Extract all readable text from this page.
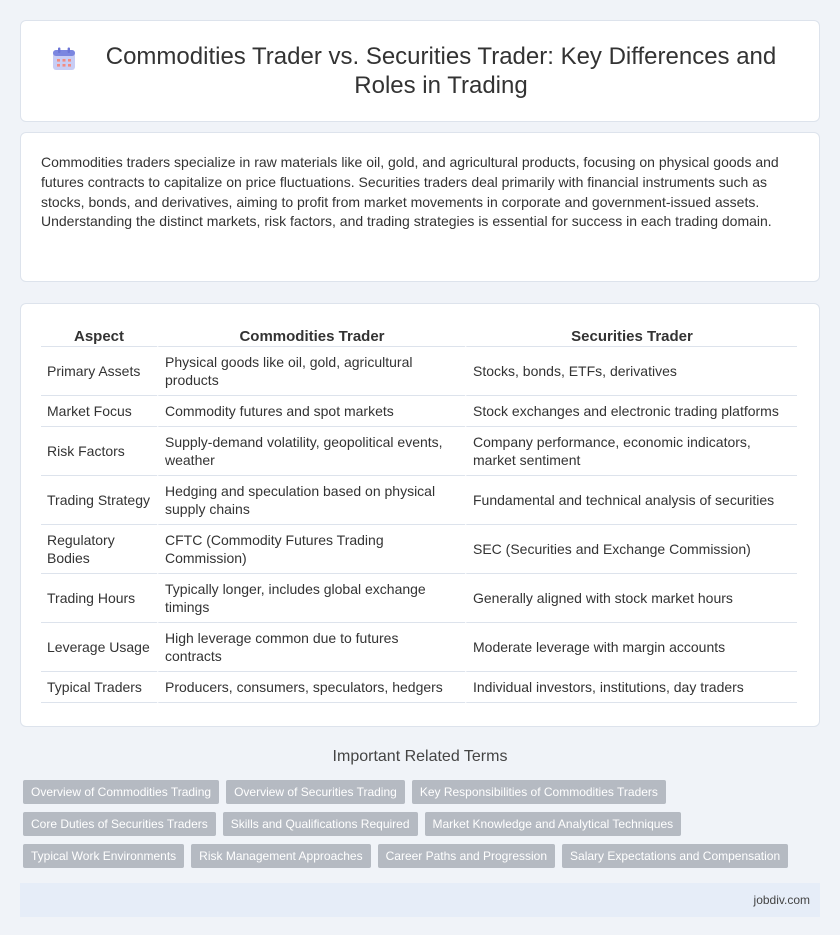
Commodities Trader vs. Securities Trader: Key Differences and Roles in Trading

Commodities traders specialize in raw materials like oil, gold, and agricultural products, focusing on physical goods and futures contracts to capitalize on price fluctuations. Securities traders deal primarily with financial instruments such as stocks, bonds, and derivatives, aiming to profit from market movements in corporate and government-issued assets. Understanding the distinct markets, risk factors, and trading strategies is essential for success in each trading domain.

Aspect	Commodities Trader	Securities Trader
Primary Assets	Physical goods like oil, gold, agricultural products	Stocks, bonds, ETFs, derivatives
Market Focus	Commodity futures and spot markets	Stock exchanges and electronic trading platforms
Risk Factors	Supply-demand volatility, geopolitical events, weather	Company performance, economic indicators, market sentiment
Trading Strategy	Hedging and speculation based on physical supply chains	Fundamental and technical analysis of securities
Regulatory Bodies	CFTC (Commodity Futures Trading Commission)	SEC (Securities and Exchange Commission)
Trading Hours	Typically longer, includes global exchange timings	Generally aligned with stock market hours
Leverage Usage	High leverage common due to futures contracts	Moderate leverage with margin accounts
Typical Traders	Producers, consumers, speculators, hedgers	Individual investors, institutions, day traders
Important Related Terms
Overview of Commodities Trading	Overview of Securities Trading	Key Responsibilities of Commodities Traders
Core Duties of Securities Traders	Skills and Qualifications Required	Market Knowledge and Analytical Techniques
Typical Work Environments	Risk Management Approaches	Career Paths and Progression	Salary Expectations and Compensation
jobdiv.com
